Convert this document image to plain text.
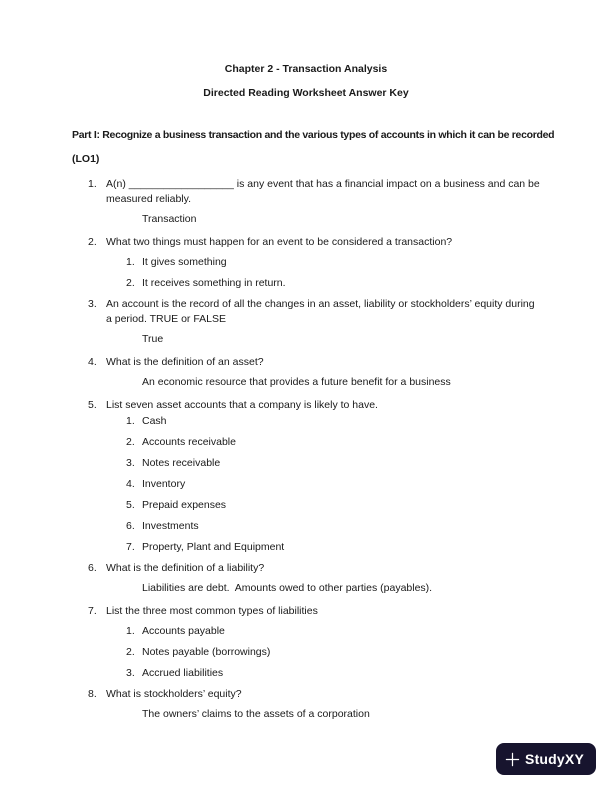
Chapter 2 - Transaction Analysis
Directed Reading Worksheet Answer Key
Part I: Recognize a business transaction and the various types of accounts in which it can be recorded
(LO1)
1. A(n) __________________ is any event that has a financial impact on a business and can be measured reliably.
Transaction
2. What two things must happen for an event to be considered a transaction?
1. It gives something
2. It receives something in return.
3. An account is the record of all the changes in an asset, liability or stockholders’ equity during a period. TRUE or FALSE
True
4. What is the definition of an asset?
An economic resource that provides a future benefit for a business
5. List seven asset accounts that a company is likely to have.
1. Cash
2. Accounts receivable
3. Notes receivable
4. Inventory
5. Prepaid expenses
6. Investments
7. Property, Plant and Equipment
6. What is the definition of a liability?
Liabilities are debt.  Amounts owed to other parties (payables).
7. List the three most common types of liabilities
1. Accounts payable
2. Notes payable (borrowings)
3. Accrued liabilities
8. What is stockholders’ equity?
The owners’ claims to the assets of a corporation
StudyXY
